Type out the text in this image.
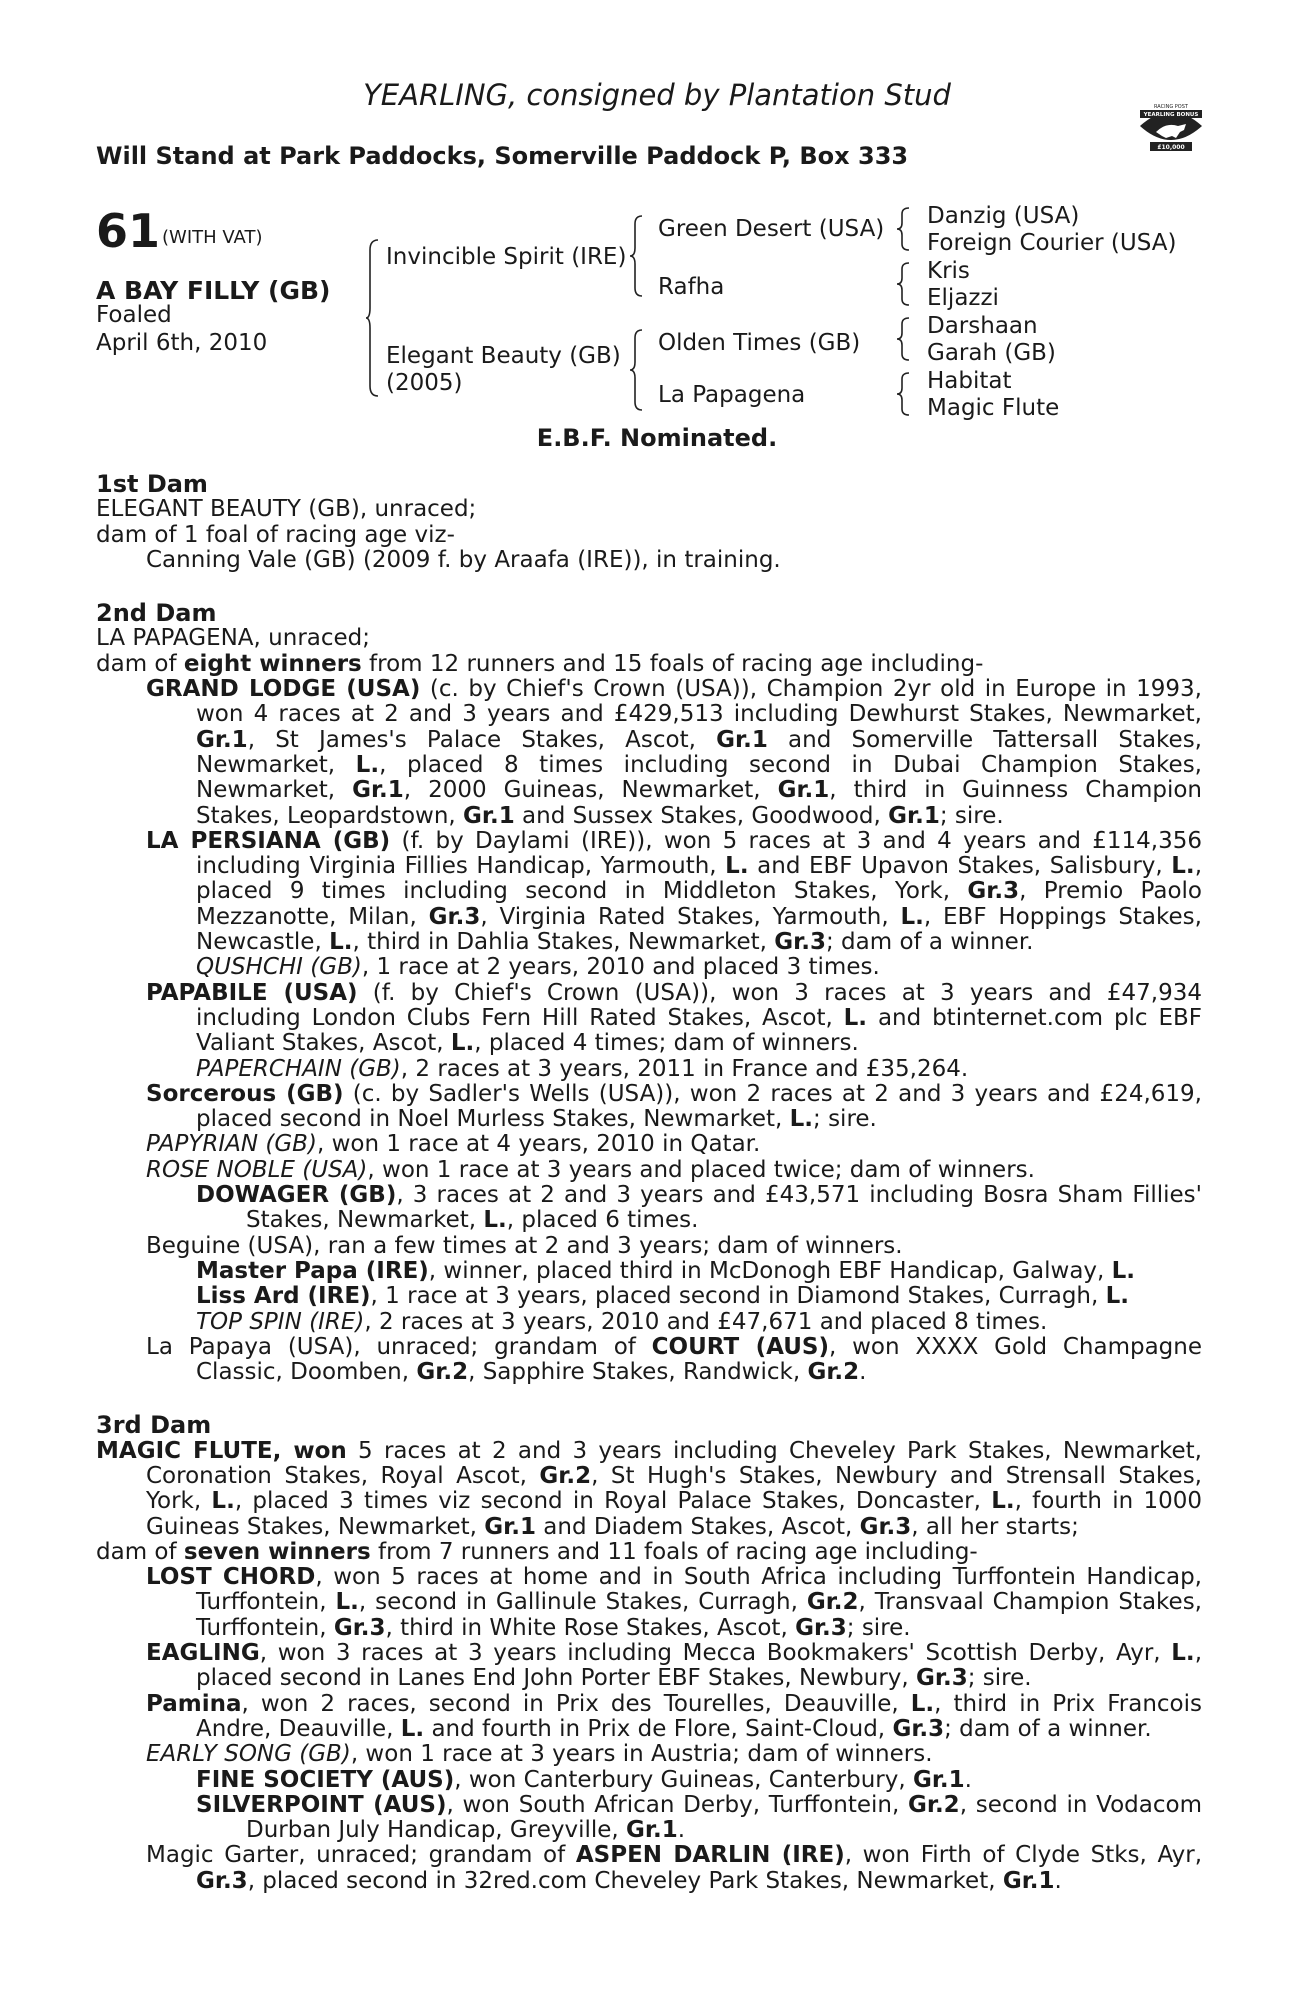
YEARLING, consigned by Plantation Stud
Will Stand at Park Paddocks, Somerville Paddock P, Box 333
RACING POST
YEARLING BONUS
£10,000
61 (WITH VAT)
A BAY FILLY (GB)
Foaled
April 6th, 2010
Invincible Spirit (IRE)
Elegant Beauty (GB)
(2005)
Green Desert (USA)
Rafha
Olden Times (GB)
La Papagena
Danzig (USA)
Foreign Courier (USA)
Kris
Eljazzi
Darshaan
Garah (GB)
Habitat
Magic Flute
E.B.F. Nominated.

1st Dam

ELEGANT BEAUTY (GB), unraced;

dam of 1 foal of racing age viz-

Canning Vale (GB) (2009 f. by Araafa (IRE)), in training.

2nd Dam

LA PAPAGENA, unraced;

dam of eight winners from 12 runners and 15 foals of racing age including-

GRAND LODGE (USA) (c. by Chief's Crown (USA)), Champion 2yr old in Europe in 1993, won 4 races at 2 and 3 years and £429,513 including Dewhurst Stakes, Newmarket, Gr.1, St James's Palace Stakes, Ascot, Gr.1 and Somerville Tattersall Stakes, Newmarket, L., placed 8 times including second in Dubai Champion Stakes, Newmarket, Gr.1, 2000 Guineas, Newmarket, Gr.1, third in Guinness Champion Stakes, Leopardstown, Gr.1 and Sussex Stakes, Goodwood, Gr.1; sire.

LA PERSIANA (GB) (f. by Daylami (IRE)), won 5 races at 3 and 4 years and £114,356 including Virginia Fillies Handicap, Yarmouth, L. and EBF Upavon Stakes, Salisbury, L., placed 9 times including second in Middleton Stakes, York, Gr.3, Premio Paolo Mezzanotte, Milan, Gr.3, Virginia Rated Stakes, Yarmouth, L., EBF Hoppings Stakes, Newcastle, L., third in Dahlia Stakes, Newmarket, Gr.3; dam of a winner.

QUSHCHI (GB), 1 race at 2 years, 2010 and placed 3 times.

PAPABILE (USA) (f. by Chief's Crown (USA)), won 3 races at 3 years and £47,934 including London Clubs Fern Hill Rated Stakes, Ascot, L. and btinternet.com plc EBF Valiant Stakes, Ascot, L., placed 4 times; dam of winners.

PAPERCHAIN (GB), 2 races at 3 years, 2011 in France and £35,264.

Sorcerous (GB) (c. by Sadler's Wells (USA)), won 2 races at 2 and 3 years and £24,619, placed second in Noel Murless Stakes, Newmarket, L.; sire.

PAPYRIAN (GB), won 1 race at 4 years, 2010 in Qatar.

ROSE NOBLE (USA), won 1 race at 3 years and placed twice; dam of winners.

DOWAGER (GB), 3 races at 2 and 3 years and £43,571 including Bosra Sham Fillies' Stakes, Newmarket, L., placed 6 times.

Beguine (USA), ran a few times at 2 and 3 years; dam of winners.

Master Papa (IRE), winner, placed third in McDonogh EBF Handicap, Galway, L.

Liss Ard (IRE), 1 race at 3 years, placed second in Diamond Stakes, Curragh, L.

TOP SPIN (IRE), 2 races at 3 years, 2010 and £47,671 and placed 8 times.

La Papaya (USA), unraced; grandam of COURT (AUS), won XXXX Gold Champagne Classic, Doomben, Gr.2, Sapphire Stakes, Randwick, Gr.2.

3rd Dam

MAGIC FLUTE, won 5 races at 2 and 3 years including Cheveley Park Stakes, Newmarket, Coronation Stakes, Royal Ascot, Gr.2, St Hugh's Stakes, Newbury and Strensall Stakes, York, L., placed 3 times viz second in Royal Palace Stakes, Doncaster, L., fourth in 1000 Guineas Stakes, Newmarket, Gr.1 and Diadem Stakes, Ascot, Gr.3, all her starts;

dam of seven winners from 7 runners and 11 foals of racing age including-

LOST CHORD, won 5 races at home and in South Africa including Turffontein Handicap, Turffontein, L., second in Gallinule Stakes, Curragh, Gr.2, Transvaal Champion Stakes, Turffontein, Gr.3, third in White Rose Stakes, Ascot, Gr.3; sire.

EAGLING, won 3 races at 3 years including Mecca Bookmakers' Scottish Derby, Ayr, L., placed second in Lanes End John Porter EBF Stakes, Newbury, Gr.3; sire.

Pamina, won 2 races, second in Prix des Tourelles, Deauville, L., third in Prix Francois Andre, Deauville, L. and fourth in Prix de Flore, Saint-Cloud, Gr.3; dam of a winner.

EARLY SONG (GB), won 1 race at 3 years in Austria; dam of winners.

FINE SOCIETY (AUS), won Canterbury Guineas, Canterbury, Gr.1.

SILVERPOINT (AUS), won South African Derby, Turffontein, Gr.2, second in Vodacom Durban July Handicap, Greyville, Gr.1.

Magic Garter, unraced; grandam of ASPEN DARLIN (IRE), won Firth of Clyde Stks, Ayr, Gr.3, placed second in 32red.com Cheveley Park Stakes, Newmarket, Gr.1.
